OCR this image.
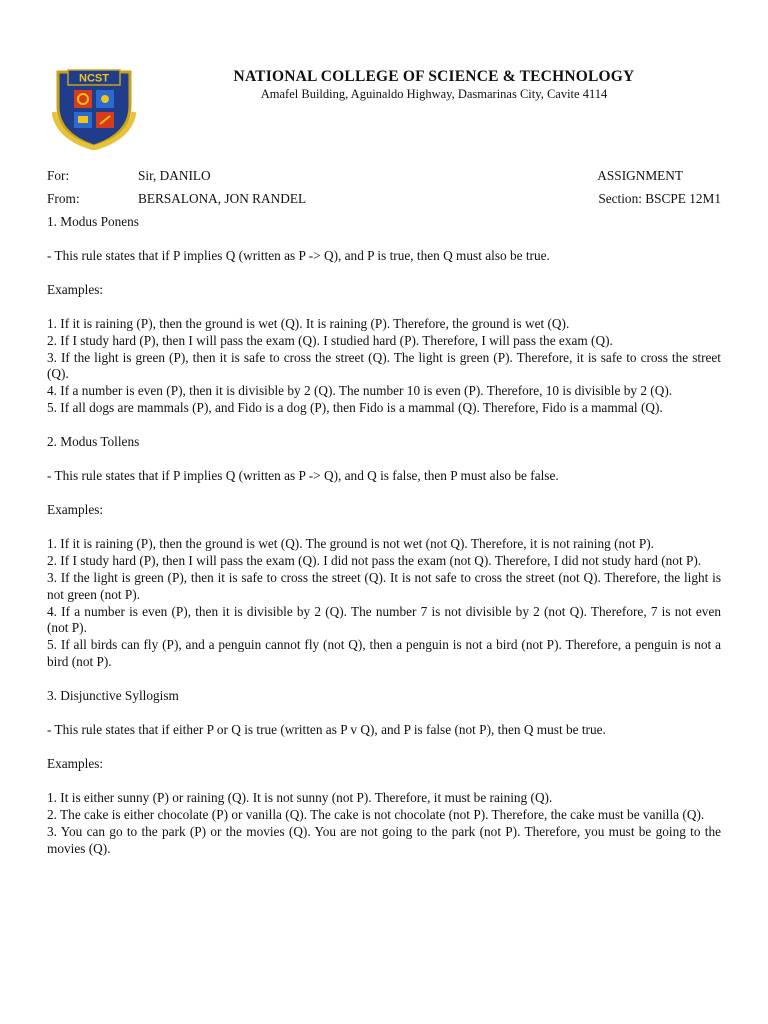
NCST	NATIONAL COLLEGE OF SCIENCE & TECHNOLOGY
Amafel Building, Aguinaldo Highway, Dasmarinas City, Cavite 4114
For:	Sir, DANILO	ASSIGNMENT
From:	BERSALONA, JON RANDEL	Section: BSCPE 12M1

1. Modus Ponens

- This rule states that if P implies Q (written as P -> Q), and P is true, then Q must also be true.

Examples:

1. If it is raining (P), then the ground is wet (Q). It is raining (P). Therefore, the ground is wet (Q).

2. If I study hard (P), then I will pass the exam (Q). I studied hard (P). Therefore, I will pass the exam (Q).

3. If the light is green (P), then it is safe to cross the street (Q). The light is green (P). Therefore, it is safe to cross the street (Q).

4. If a number is even (P), then it is divisible by 2 (Q). The number 10 is even (P). Therefore, 10 is divisible by 2 (Q).

5. If all dogs are mammals (P), and Fido is a dog (P), then Fido is a mammal (Q). Therefore, Fido is a mammal (Q).

2. Modus Tollens

- This rule states that if P implies Q (written as P -> Q), and Q is false, then P must also be false.

Examples:

1. If it is raining (P), then the ground is wet (Q). The ground is not wet (not Q). Therefore, it is not raining (not P).

2. If I study hard (P), then I will pass the exam (Q). I did not pass the exam (not Q). Therefore, I did not study hard (not P).

3. If the light is green (P), then it is safe to cross the street (Q). It is not safe to cross the street (not Q). Therefore, the light is not green (not P).

4. If a number is even (P), then it is divisible by 2 (Q). The number 7 is not divisible by 2 (not Q). Therefore, 7 is not even (not P).

5. If all birds can fly (P), and a penguin cannot fly (not Q), then a penguin is not a bird (not P). Therefore, a penguin is not a bird (not P).

3. Disjunctive Syllogism

- This rule states that if either P or Q is true (written as P v Q), and P is false (not P), then Q must be true.

Examples:

1. It is either sunny (P) or raining (Q). It is not sunny (not P). Therefore, it must be raining (Q).

2. The cake is either chocolate (P) or vanilla (Q). The cake is not chocolate (not P). Therefore, the cake must be vanilla (Q).

3. You can go to the park (P) or the movies (Q). You are not going to the park (not P). Therefore, you must be going to the movies (Q).
